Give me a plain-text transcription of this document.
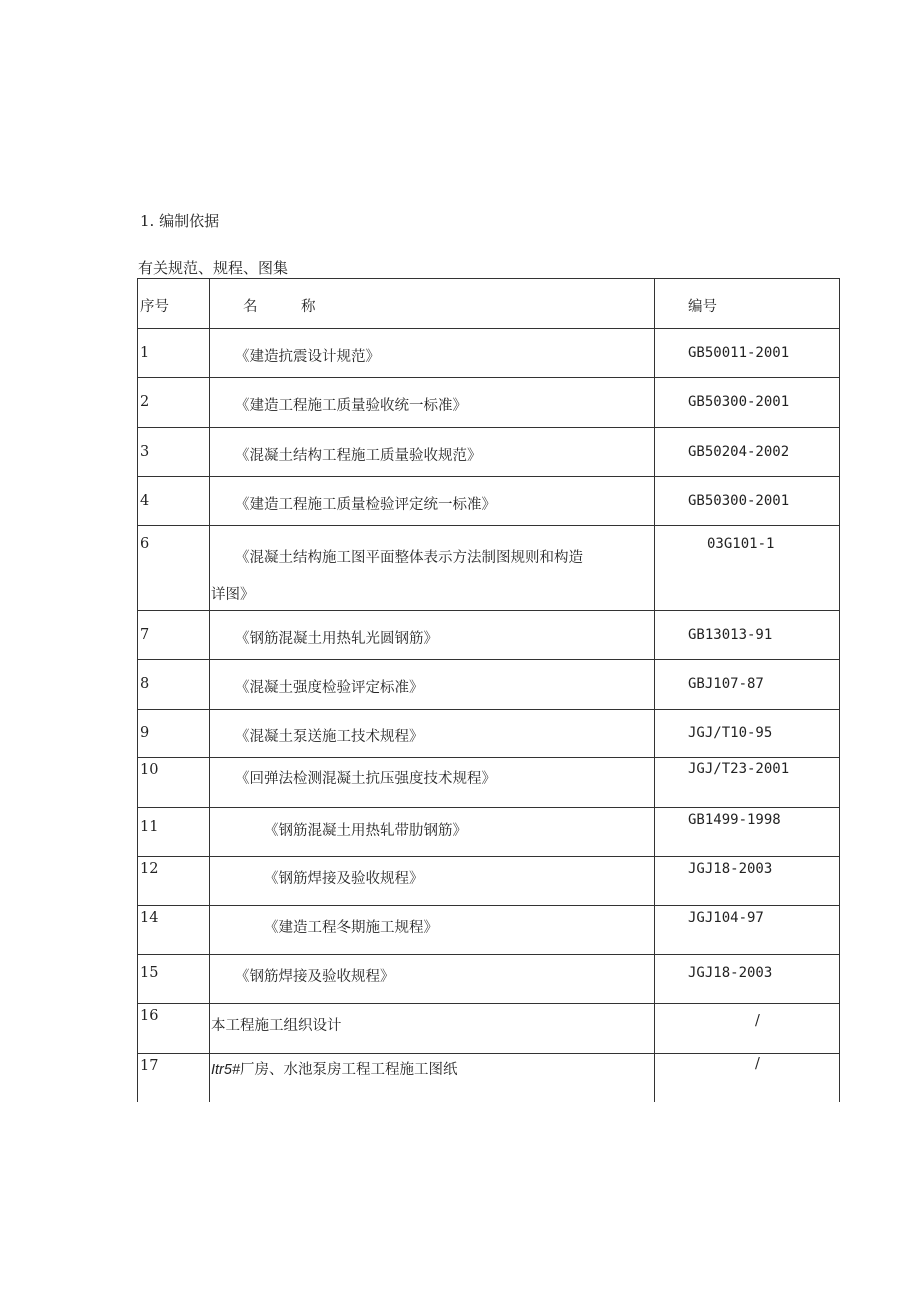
1. 编制依据
有关规范、规程、图集
序号	名　　　称	编号

1	《建造抗震设计规范》	GB50011-2001

2	《建造工程施工质量验收统一标准》	GB50300-2001

3	《混凝土结构工程施工质量验收规范》	GB50204-2002

4	《建造工程施工质量检验评定统一标准》	GB50300-2001

6	《混凝土结构施工图平面整体表示方法制图规则和构造
详图》	03G101-1

7	《钢筋混凝土用热轧光圆钢筋》	GB13013-91

8	《混凝土强度检验评定标准》	GBJ107-87

9	《混凝土泵送施工技术规程》	JGJ/T10-95

10	《回弹法检测混凝土抗压强度技术规程》	JGJ/T23-2001

11	《钢筋混凝土用热轧带肋钢筋》	GB1499-1998

12	《钢筋焊接及验收规程》	JGJ18-2003

14	《建造工程冬期施工规程》	JGJ104-97

15	《钢筋焊接及验收规程》	JGJ18-2003

16	本工程施工组织设计	/

17	Itr5#厂房、水池泵房工程工程施工图纸	/
